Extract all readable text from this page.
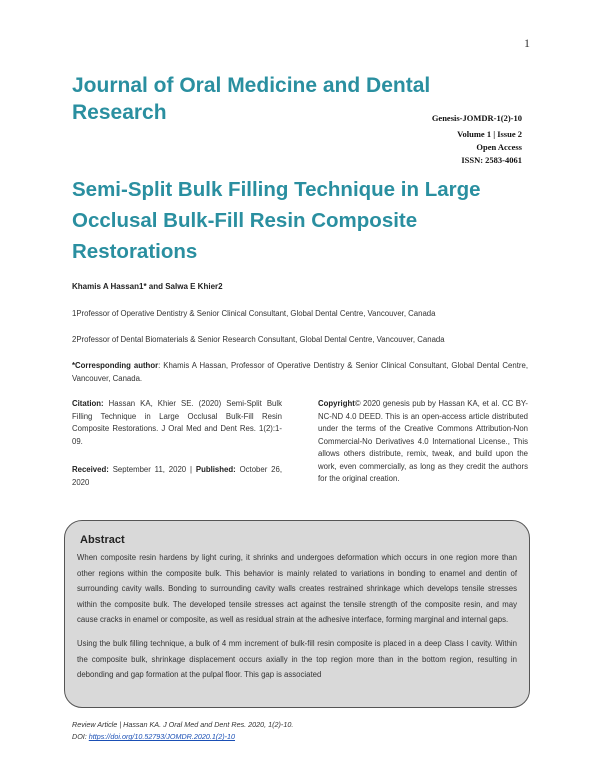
1
Journal of Oral Medicine and Dental Research	Genesis-JOMDR-1(2)-10
Volume 1 | Issue 2
Open Access
ISSN: 2583-4061
Semi-Split Bulk Filling Technique in Large Occlusal Bulk-Fill Resin Composite Restorations
Khamis A Hassan1* and Salwa E Khier2
1Professor of Operative Dentistry & Senior Clinical Consultant, Global Dental Centre, Vancouver, Canada
2Professor of Dental Biomaterials & Senior Research Consultant, Global Dental Centre, Vancouver, Canada
*Corresponding author: Khamis A Hassan, Professor of Operative Dentistry & Senior Clinical Consultant, Global Dental Centre, Vancouver, Canada.
Citation: Hassan KA, Khier SE. (2020) Semi-Split Bulk Filling Technique in Large Occlusal Bulk-Fill Resin Composite Restorations. J Oral Med and Dent Res. 1(2):1-09.
Received: September 11, 2020 | Published: October 26, 2020
Copyright© 2020 genesis pub by Hassan KA, et al. CC BY-NC-ND 4.0 DEED. This is an open-access article distributed under the terms of the Creative Commons Attribution-Non Commercial-No Derivatives 4.0 International License., This allows others distribute, remix, tweak, and build upon the work, even commercially, as long as they credit the authors for the original creation.
Abstract

When composite resin hardens by light curing, it shrinks and undergoes deformation which occurs in one region more than other regions within the composite bulk. This behavior is mainly related to variations in bonding to enamel and dentin of surrounding cavity walls. Bonding to surrounding cavity walls creates restrained shrinkage which develops tensile stresses within the composite bulk. The developed tensile stresses act against the tensile strength of the composite resin, and may cause cracks in enamel or composite, as well as residual strain at the adhesive interface, forming marginal and internal gaps.

Using the bulk filling technique, a bulk of 4 mm increment of bulk-fill resin composite is placed in a deep Class I cavity. Within the composite bulk, shrinkage displacement occurs axially in the top region more than in the bottom region, resulting in debonding and gap formation at the pulpal floor. This gap is associated

Review Article | Hassan KA. J Oral Med and Dent Res. 2020, 1(2)-10.
DOI: https://doi.org/10.52793/JOMDR.2020.1(2)-10
